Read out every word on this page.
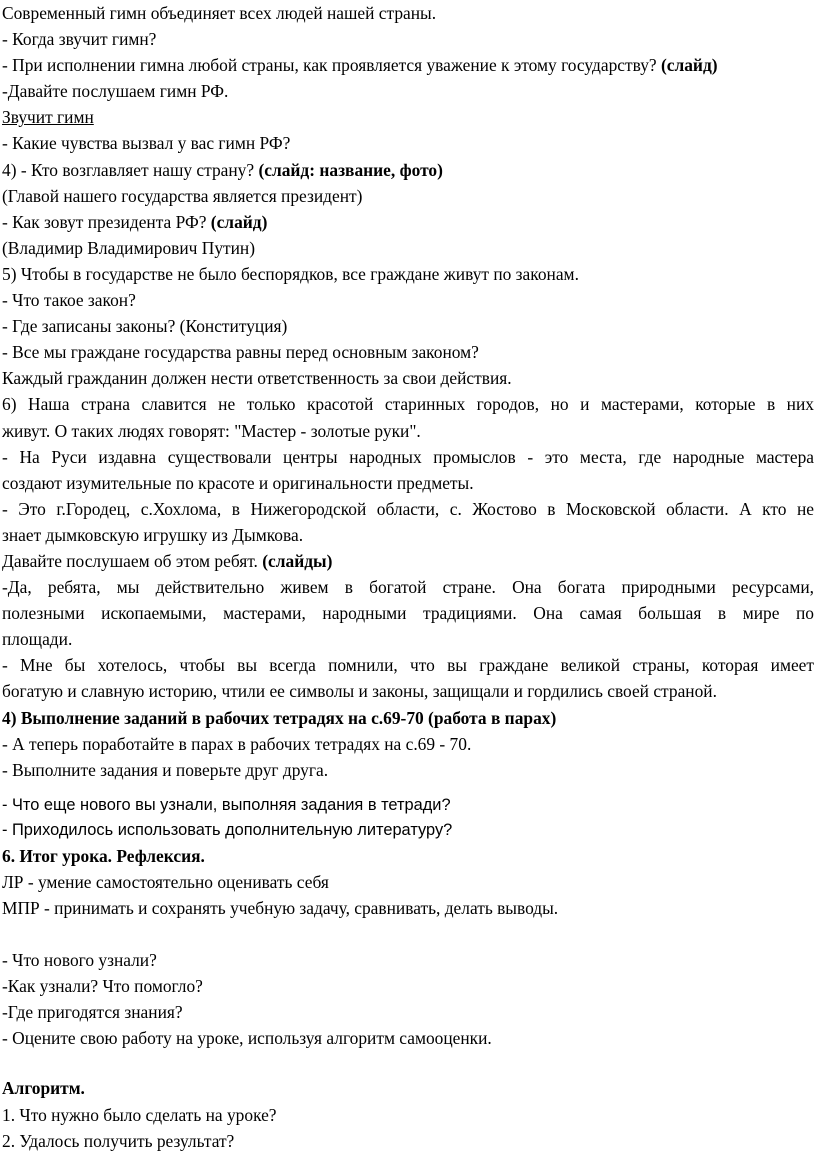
Современный гимн объединяет всех людей нашей страны.
- Когда звучит гимн?
- При исполнении гимна любой страны, как проявляется уважение к этому государству? (слайд)
-Давайте послушаем гимн РФ.
Звучит гимн
- Какие чувства вызвал у вас гимн РФ?
4) - Кто возглавляет нашу страну? (слайд: название, фото)
(Главой нашего государства является президент)
- Как зовут президента РФ? (слайд)
(Владимир Владимирович Путин)
5) Чтобы в государстве не было беспорядков, все граждане живут по законам.
- Что такое закон?
- Где записаны законы? (Конституция)
- Все мы граждане государства равны перед основным законом?
Каждый гражданин должен нести ответственность за свои действия.
6) Наша страна славится не только красотой старинных городов, но и мастерами, которые в них
живут. О таких людях говорят: "Мастер - золотые руки".
- На Руси издавна существовали центры народных промыслов - это места, где народные мастера
создают изумительные по красоте и оригинальности предметы.
- Это г.Городец, с.Хохлома, в Нижегородской области, с. Жостово в Московской области. А кто не
знает дымковскую игрушку из Дымкова.
Давайте послушаем об этом ребят. (слайды)
-Да, ребята, мы действительно живем в богатой стране. Она богата природными ресурсами,
полезными ископаемыми, мастерами, народными традициями. Она самая большая в мире по
площади.
- Мне бы хотелось, чтобы вы всегда помнили, что вы граждане великой страны, которая имеет
богатую и славную историю, чтили ее символы и законы, защищали и гордились своей страной.
4) Выполнение заданий в рабочих тетрадях на с.69-70 (работа в парах)
- А теперь поработайте в парах в рабочих тетрадях на с.69 - 70.
- Выполните задания и поверьте друг друга.
- Что еще нового вы узнали, выполняя задания в тетради?
- Приходилось использовать дополнительную литературу?
6. Итог урока. Рефлексия.
ЛР - умение самостоятельно оценивать себя
МПР - принимать и сохранять учебную задачу, сравнивать, делать выводы.
- Что нового узнали?
-Как узнали? Что помогло?
-Где пригодятся знания?
- Оцените свою работу на уроке, используя алгоритм самооценки.
Алгоритм.
1. Что нужно было сделать на уроке?
2. Удалось получить результат?
